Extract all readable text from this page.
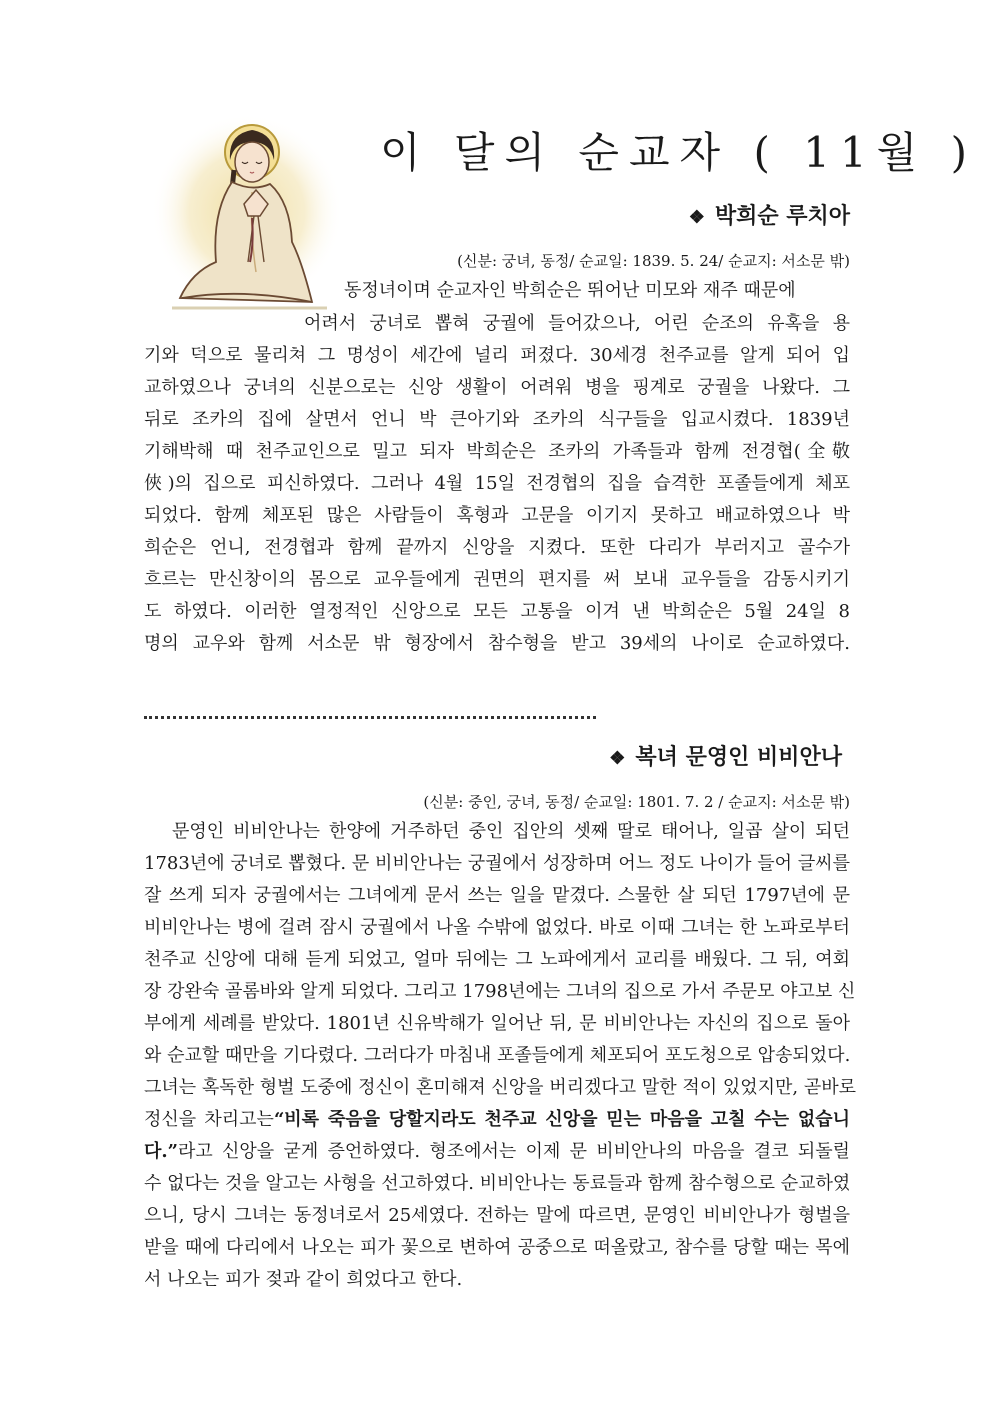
이 달의 순교자 ( 11월 )
❖ 박희순 루치아
(신분: 궁녀, 동정/ 순교일: 1839. 5. 24/ 순교지: 서소문 밖)
동정녀이며 순교자인 박희순은 뛰어난 미모와 재주 때문에
어려서 궁녀로 뽑혀 궁궐에 들어갔으나, 어린 순조의 유혹을 용
기와 덕으로 물리쳐 그 명성이 세간에 널리 퍼졌다. 30세경 천주교를 알게 되어 입
교하였으나 궁녀의 신분으로는 신앙 생활이 어려워 병을 핑계로 궁궐을 나왔다. 그
뒤로 조카의 집에 살면서 언니 박 큰아기와 조카의 식구들을 입교시켰다. 1839년
기해박해 때 천주교인으로 밀고 되자 박희순은 조카의 가족들과 함께 전경협(全敬
俠)의 집으로 피신하였다. 그러나 4월 15일 전경협의 집을 습격한 포졸들에게 체포
되었다. 함께 체포된 많은 사람들이 혹형과 고문을 이기지 못하고 배교하였으나 박
희순은 언니, 전경협과 함께 끝까지 신앙을 지켰다. 또한 다리가 부러지고 골수가
흐르는 만신창이의 몸으로 교우들에게 권면의 편지를 써 보내 교우들을 감동시키기
도 하였다. 이러한 열정적인 신앙으로 모든 고통을 이겨 낸 박희순은 5월 24일 8
명의 교우와 함께 서소문 밖 형장에서 참수형을 받고 39세의 나이로 순교하였다.
❖ 복녀 문영인 비비안나
(신분: 중인, 궁녀, 동정/ 순교일: 1801. 7. 2 / 순교지: 서소문 밖)
문영인 비비안나는 한양에 거주하던 중인 집안의 셋째 딸로 태어나, 일곱 살이 되던
1783년에 궁녀로 뽑혔다. 문 비비안나는 궁궐에서 성장하며 어느 정도 나이가 들어 글씨를
잘 쓰게 되자 궁궐에서는 그녀에게 문서 쓰는 일을 맡겼다. 스물한 살 되던 1797년에 문
비비안나는 병에 걸려 잠시 궁궐에서 나올 수밖에 없었다. 바로 이때 그녀는 한 노파로부터
천주교 신앙에 대해 듣게 되었고, 얼마 뒤에는 그 노파에게서 교리를 배웠다. 그 뒤, 여회
장 강완숙 골롬바와 알게 되었다. 그리고 1798년에는 그녀의 집으로 가서 주문모 야고보 신
부에게 세례를 받았다. 1801년 신유박해가 일어난 뒤, 문 비비안나는 자신의 집으로 돌아
와 순교할 때만을 기다렸다. 그러다가 마침내 포졸들에게 체포되어 포도청으로 압송되었다.
그녀는 혹독한 형벌 도중에 정신이 혼미해져 신앙을 버리겠다고 말한 적이 있었지만, 곧바로
정신을 차리고는“비록 죽음을 당할지라도 천주교 신앙을 믿는 마음을 고칠 수는 없습니
다.”라고 신앙을 굳게 증언하였다. 형조에서는 이제 문 비비안나의 마음을 결코 되돌릴
수 없다는 것을 알고는 사형을 선고하였다. 비비안나는 동료들과 함께 참수형으로 순교하였
으니, 당시 그녀는 동정녀로서 25세였다. 전하는 말에 따르면, 문영인 비비안나가 형벌을
받을 때에 다리에서 나오는 피가 꽃으로 변하여 공중으로 떠올랐고, 참수를 당할 때는 목에
서 나오는 피가 젖과 같이 희었다고 한다.
